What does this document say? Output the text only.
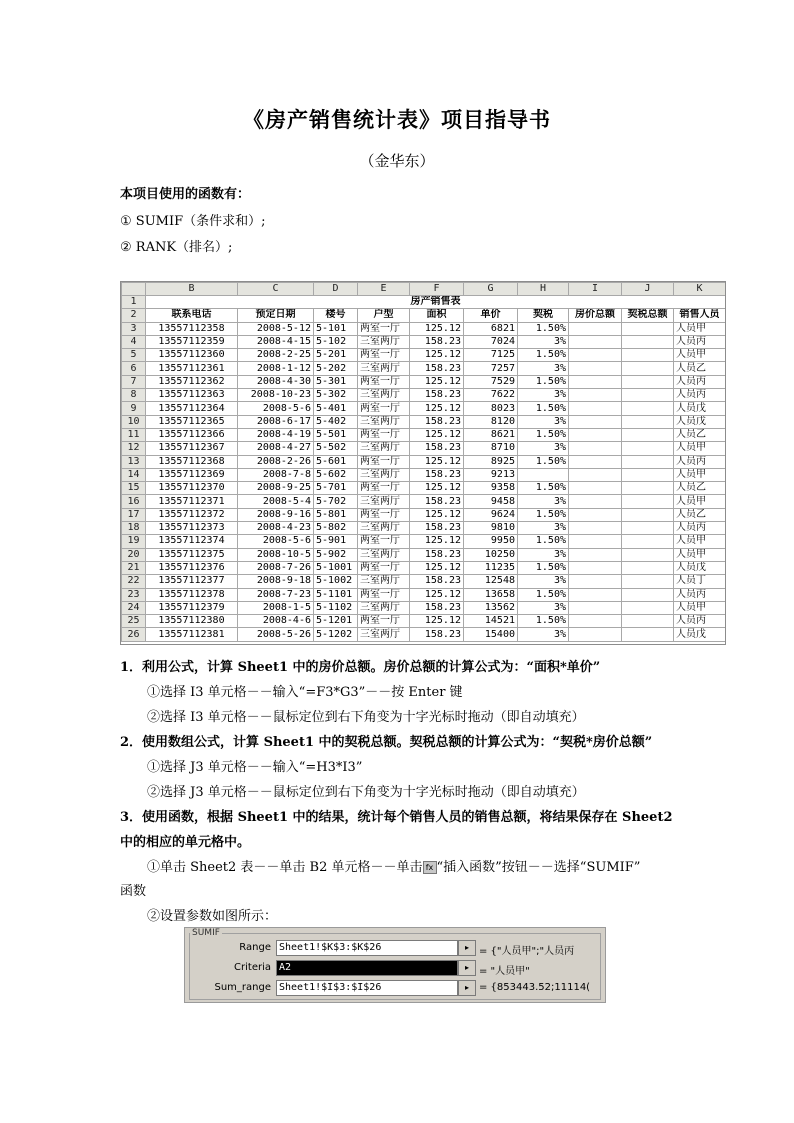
《房产销售统计表》项目指导书
（金华东）
本项目使用的函数有：
① SUMIF（条件求和）;
② RANK（排名）;
	B	C	D	E	F	G	H	I	J	K
1	房产销售表									
2	联系电话	预定日期	楼号	户型	面积	单价	契税	房价总额	契税总额	销售人员
3	13557112358	2008-5-12	5-101	两室一厅	125.12	6821	1.50%			人员甲
4	13557112359	2008-4-15	5-102	三室两厅	158.23	7024	3%			人员丙
5	13557112360	2008-2-25	5-201	两室一厅	125.12	7125	1.50%			人员甲
6	13557112361	2008-1-12	5-202	三室两厅	158.23	7257	3%			人员乙
7	13557112362	2008-4-30	5-301	两室一厅	125.12	7529	1.50%			人员丙
8	13557112363	2008-10-23	5-302	三室两厅	158.23	7622	3%			人员丙
9	13557112364	2008-5-6	5-401	两室一厅	125.12	8023	1.50%			人员戊
10	13557112365	2008-6-17	5-402	三室两厅	158.23	8120	3%			人员戊
11	13557112366	2008-4-19	5-501	两室一厅	125.12	8621	1.50%			人员乙
12	13557112367	2008-4-27	5-502	三室两厅	158.23	8710	3%			人员甲
13	13557112368	2008-2-26	5-601	两室一厅	125.12	8925	1.50%			人员丙
14	13557112369	2008-7-8	5-602	三室两厅	158.23	9213				人员甲
15	13557112370	2008-9-25	5-701	两室一厅	125.12	9358	1.50%			人员乙
16	13557112371	2008-5-4	5-702	三室两厅	158.23	9458	3%			人员甲
17	13557112372	2008-9-16	5-801	两室一厅	125.12	9624	1.50%			人员乙
18	13557112373	2008-4-23	5-802	三室两厅	158.23	9810	3%			人员丙
19	13557112374	2008-5-6	5-901	两室一厅	125.12	9950	1.50%			人员甲
20	13557112375	2008-10-5	5-902	三室两厅	158.23	10250	3%			人员甲
21	13557112376	2008-7-26	5-1001	两室一厅	125.12	11235	1.50%			人员戊
22	13557112377	2008-9-18	5-1002	三室两厅	158.23	12548	3%			人员丁
23	13557112378	2008-7-23	5-1101	两室一厅	125.12	13658	1.50%			人员丙
24	13557112379	2008-1-5	5-1102	三室两厅	158.23	13562	3%			人员甲
25	13557112380	2008-4-6	5-1201	两室一厅	125.12	14521	1.50%			人员丙
26	13557112381	2008-5-26	5-1202	三室两厅	158.23	15400	3%			人员戊
1．利用公式，计算 Sheet1 中的房价总额。房价总额的计算公式为：“面积*单价”
①选择 I3 单元格－－输入“=F3*G3”－－按 Enter 键
②选择 I3 单元格－－鼠标定位到右下角变为十字光标时拖动（即自动填充）
2．使用数组公式，计算 Sheet1 中的契税总额。契税总额的计算公式为：“契税*房价总额”
①选择 J3 单元格－－输入“=H3*I3”
②选择 J3 单元格－－鼠标定位到右下角变为十字光标时拖动（即自动填充）
3．使用函数，根据 Sheet1 中的结果，统计每个销售人员的销售总额，将结果保存在 Sheet2
中的相应的单元格中。
①单击 Sheet2 表－－单击 B2 单元格－－单击 fx “插入函数”按钮－－选择“SUMIF”
函数
②设置参数如图所示：
SUMIF
Range Sheet1!$K$3:$K$26	▸	= {"人员甲";"人员丙
Criteria A2	▸	= "人员甲"
Sum_range Sheet1!$I$3:$I$26	▸	= {853443.52;11114(
